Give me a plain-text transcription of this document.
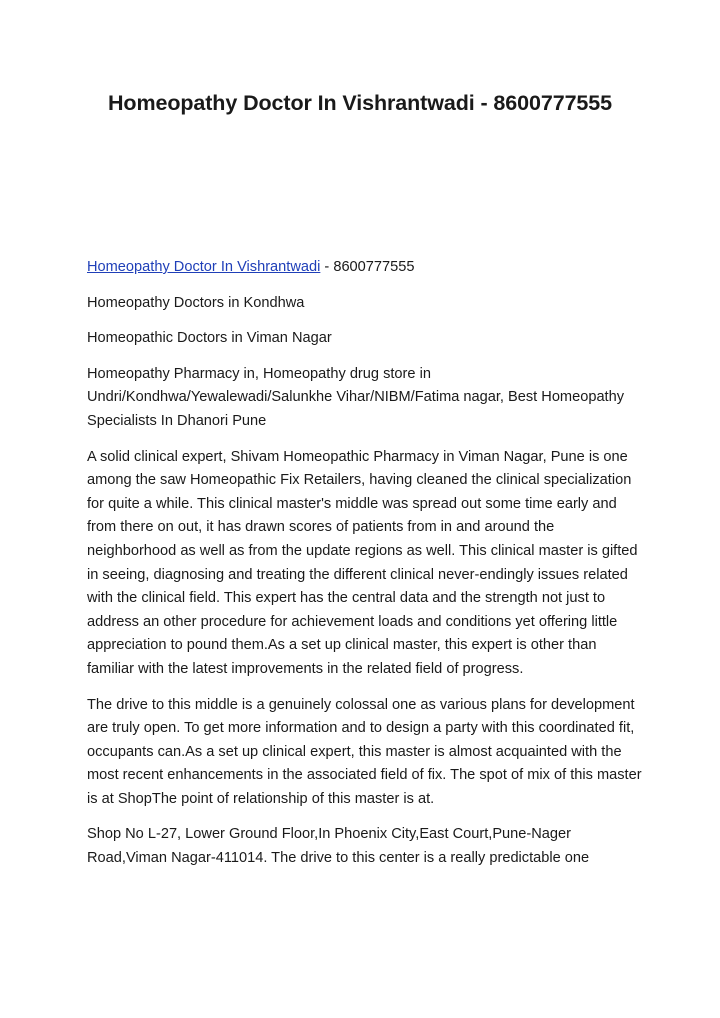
Homeopathy Doctor In Vishrantwadi - 8600777555

Homeopathy Doctor In Vishrantwadi - 8600777555

Homeopathy Doctors in Kondhwa

Homeopathic Doctors in Viman Nagar

Homeopathy Pharmacy in, Homeopathy drug store in Undri/Kondhwa/Yewalewadi/Salunkhe Vihar/NIBM/Fatima nagar, Best Homeopathy Specialists In Dhanori Pune

A solid clinical expert, Shivam Homeopathic Pharmacy in Viman Nagar, Pune is one among the saw Homeopathic Fix Retailers, having cleaned the clinical specialization for quite a while. This clinical master's middle was spread out some time early and from there on out, it has drawn scores of patients from in and around the neighborhood as well as from the update regions as well. This clinical master is gifted in seeing, diagnosing and treating the different clinical never-endingly issues related with the clinical field. This expert has the central data and the strength not just to address an other procedure for achievement loads and conditions yet offering little appreciation to pound them.As a set up clinical master, this expert is other than familiar with the latest improvements in the related field of progress.

The drive to this middle is a genuinely colossal one as various plans for development are truly open. To get more information and to design a party with this coordinated fit, occupants can.As a set up clinical expert, this master is almost acquainted with the most recent enhancements in the associated field of fix. The spot of mix of this master is at ShopThe point of relationship of this master is at.

Shop No L-27, Lower Ground Floor,In Phoenix City,East Court,Pune-Nager Road,Viman Nagar-411014. The drive to this center is a really predictable one
